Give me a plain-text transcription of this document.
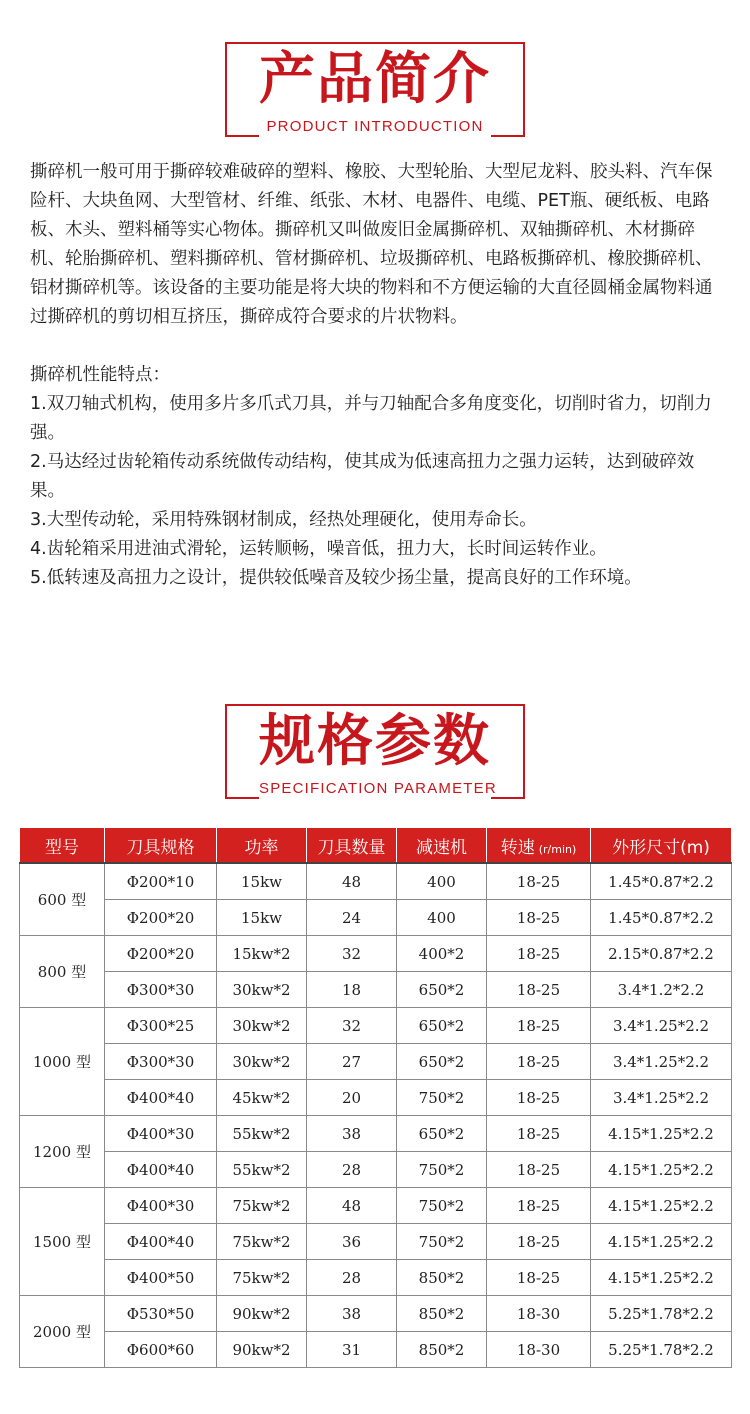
产品简介
PRODUCT INTRODUCTION

撕碎机一般可用于撕碎较难破碎的塑料、橡胶、大型轮胎、大型尼龙料、胶头料、汽车保险杆、大块鱼网、大型管材、纤维、纸张、木材、电器件、电缆、PET瓶、硬纸板、电路板、木头、塑料桶等实心物体。撕碎机又叫做废旧金属撕碎机、双轴撕碎机、木材撕碎机、轮胎撕碎机、塑料撕碎机、管材撕碎机、垃圾撕碎机、电路板撕碎机、橡胶撕碎机、铝材撕碎机等。该设备的主要功能是将大块的物料和不方便运输的大直径圆桶金属物料通过撕碎机的剪切相互挤压，撕碎成符合要求的片状物料。

撕碎机性能特点：

1.双刀轴式机构，使用多片多爪式刀具，并与刀轴配合多角度变化，切削时省力，切削力强。

2.马达经过齿轮箱传动系统做传动结构，使其成为低速高扭力之强力运转，达到破碎效果。

3.大型传动轮，采用特殊钢材制成，经热处理硬化，使用寿命长。

4.齿轮箱采用进油式滑轮，运转顺畅，噪音低，扭力大，长时间运转作业。

5.低转速及高扭力之设计，提供较低噪音及较少扬尘量，提高良好的工作环境。

规格参数
SPECIFICATION PARAMETER
型号	刀具规格	功率	刀具数量	减速机	转速 (r/min)	外形尺寸(m)
600 型	Φ200*10	15kw	48	400	18-25	1.45*0.87*2.2
	Φ200*20	15kw	24	400	18-25	1.45*0.87*2.2
800 型	Φ200*20	15kw*2	32	400*2	18-25	2.15*0.87*2.2
	Φ300*30	30kw*2	18	650*2	18-25	3.4*1.2*2.2
1000 型	Φ300*25	30kw*2	32	650*2	18-25	3.4*1.25*2.2
	Φ300*30	30kw*2	27	650*2	18-25	3.4*1.25*2.2
	Φ400*40	45kw*2	20	750*2	18-25	3.4*1.25*2.2
1200 型	Φ400*30	55kw*2	38	650*2	18-25	4.15*1.25*2.2
	Φ400*40	55kw*2	28	750*2	18-25	4.15*1.25*2.2
1500 型	Φ400*30	75kw*2	48	750*2	18-25	4.15*1.25*2.2
	Φ400*40	75kw*2	36	750*2	18-25	4.15*1.25*2.2
	Φ400*50	75kw*2	28	850*2	18-25	4.15*1.25*2.2
2000 型	Φ530*50	90kw*2	38	850*2	18-30	5.25*1.78*2.2
	Φ600*60	90kw*2	31	850*2	18-30	5.25*1.78*2.2
